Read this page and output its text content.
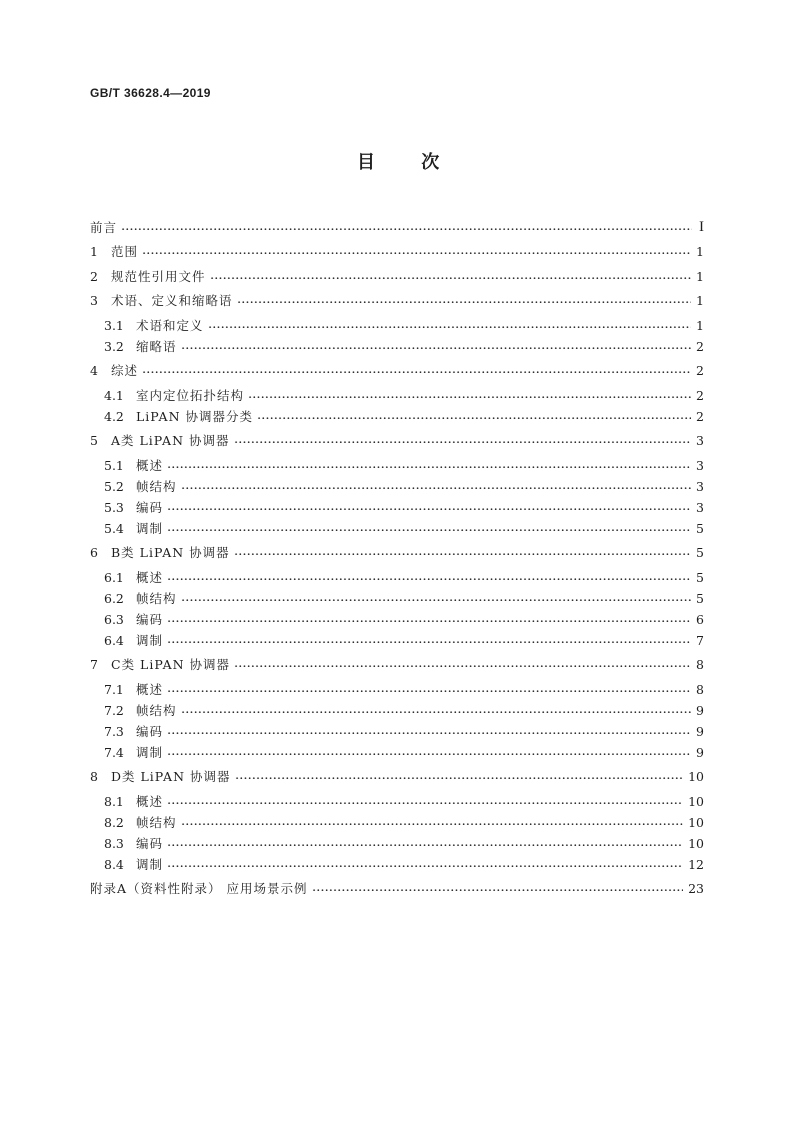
GB/T 36628.4—2019
目 次
前言	I
1	范围	1
2	规范性引用文件	1
3	术语、定义和缩略语	1
3.1 术语和定义	1
3.2 缩略语	2
4	综述	2
4.1 室内定位拓扑结构	2
4.2 LiPAN 协调器分类	2
5	A类 LiPAN 协调器	3
5.1 概述	3
5.2 帧结构	3
5.3 编码	3
5.4 调制	5
6	B类 LiPAN 协调器	5
6.1 概述	5
6.2 帧结构	5
6.3 编码	6
6.4 调制	7
7	C类 LiPAN 协调器	8
7.1 概述	8
7.2 帧结构	9
7.3 编码	9
7.4 调制	9
8	D类 LiPAN 协调器	10
8.1 概述	10
8.2 帧结构	10
8.3 编码	10
8.4 调制	12
附录A（资料性附录） 应用场景示例	23
